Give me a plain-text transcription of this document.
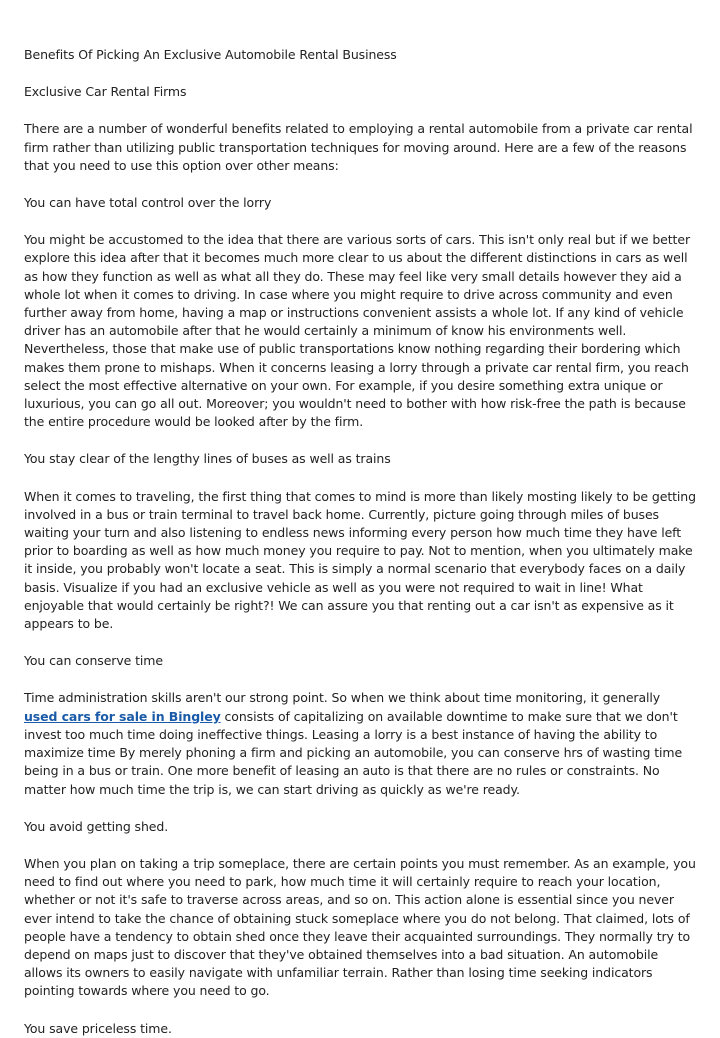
Benefits Of Picking An Exclusive Automobile Rental Business

Exclusive Car Rental Firms

There are a number of wonderful benefits related to employing a rental automobile from a private car rental firm rather than utilizing public transportation techniques for moving around. Here are a few of the reasons that you need to use this option over other means:

You can have total control over the lorry

You might be accustomed to the idea that there are various sorts of cars. This isn't only real but if we better explore this idea after that it becomes much more clear to us about the different distinctions in cars as well as how they function as well as what all they do. These may feel like very small details however they aid a whole lot when it comes to driving. In case where you might require to drive across community and even further away from home, having a map or instructions convenient assists a whole lot. If any kind of vehicle driver has an automobile after that he would certainly a minimum of know his environments well. Nevertheless, those that make use of public transportations know nothing regarding their bordering which makes them prone to mishaps. When it concerns leasing a lorry through a private car rental firm, you reach select the most effective alternative on your own. For example, if you desire something extra unique or luxurious, you can go all out. Moreover; you wouldn't need to bother with how risk-free the path is because the entire procedure would be looked after by the firm.

You stay clear of the lengthy lines of buses as well as trains

When it comes to traveling, the first thing that comes to mind is more than likely mosting likely to be getting involved in a bus or train terminal to travel back home. Currently, picture going through miles of buses waiting your turn and also listening to endless news informing every person how much time they have left prior to boarding as well as how much money you require to pay. Not to mention, when you ultimately make it inside, you probably won't locate a seat. This is simply a normal scenario that everybody faces on a daily basis. Visualize if you had an exclusive vehicle as well as you were not required to wait in line! What enjoyable that would certainly be right?! We can assure you that renting out a car isn't as expensive as it appears to be.

You can conserve time

Time administration skills aren't our strong point. So when we think about time monitoring, it generally used cars for sale in Bingley consists of capitalizing on available downtime to make sure that we don't invest too much time doing ineffective things. Leasing a lorry is a best instance of having the ability to maximize time By merely phoning a firm and picking an automobile, you can conserve hrs of wasting time being in a bus or train. One more benefit of leasing an auto is that there are no rules or constraints. No matter how much time the trip is, we can start driving as quickly as we're ready.

You avoid getting shed.

When you plan on taking a trip someplace, there are certain points you must remember. As an example, you need to find out where you need to park, how much time it will certainly require to reach your location, whether or not it's safe to traverse across areas, and so on. This action alone is essential since you never ever intend to take the chance of obtaining stuck someplace where you do not belong. That claimed, lots of people have a tendency to obtain shed once they leave their acquainted surroundings. They normally try to depend on maps just to discover that they've obtained themselves into a bad situation. An automobile allows its owners to easily navigate with unfamiliar terrain. Rather than losing time seeking indicators pointing towards where you need to go.

You save priceless time.
